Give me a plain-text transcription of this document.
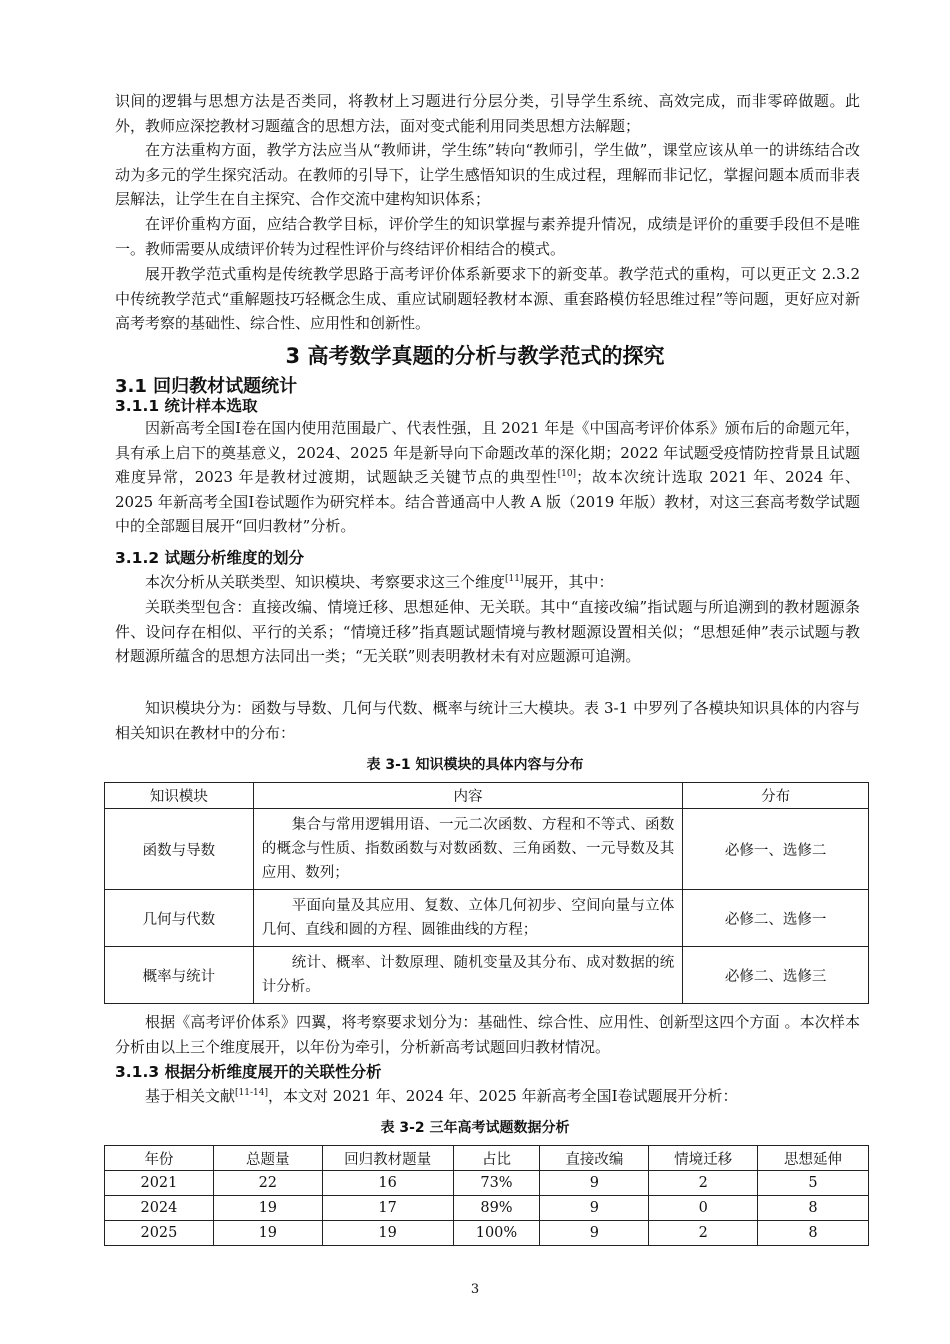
识间的逻辑与思想方法是否类同，将教材上习题进行分层分类，引导学生系统、高效完成，而非零碎做题。此外，教师应深挖教材习题蕴含的思想方法，面对变式能利用同类思想方法解题；
在方法重构方面，教学方法应当从“教师讲，学生练”转向“教师引，学生做”，课堂应该从单一的讲练结合改动为多元的学生探究活动。在教师的引导下，让学生感悟知识的生成过程，理解而非记忆，掌握问题本质而非表层解法，让学生在自主探究、合作交流中建构知识体系；
在评价重构方面，应结合教学目标，评价学生的知识掌握与素养提升情况，成绩是评价的重要手段但不是唯一。教师需要从成绩评价转为过程性评价与终结评价相结合的模式。
展开教学范式重构是传统教学思路于高考评价体系新要求下的新变革。教学范式的重构，可以更正文 2.3.2 中传统教学范式“重解题技巧轻概念生成、重应试刷题轻教材本源、重套路模仿轻思维过程”等问题，更好应对新高考考察的基础性、综合性、应用性和创新性。
3 高考数学真题的分析与教学范式的探究
3.1 回归教材试题统计
3.1.1 统计样本选取
因新高考全国Ⅰ卷在国内使用范围最广、代表性强，且 2021 年是《中国高考评价体系》颁布后的命题元年，具有承上启下的奠基意义，2024、2025 年是新导向下命题改革的深化期；2022 年试题受疫情防控背景且试题难度异常，2023 年是教材过渡期，试题缺乏关键节点的典型性[10]；故本次统计选取 2021 年、2024 年、2025 年新高考全国Ⅰ卷试题作为研究样本。结合普通高中人教 A 版（2019 年版）教材，对这三套高考数学试题中的全部题目展开“回归教材”分析。
3.1.2 试题分析维度的划分
本次分析从关联类型、知识模块、考察要求这三个维度[11]展开，其中：
关联类型包含：直接改编、情境迁移、思想延伸、无关联。其中“直接改编”指试题与所追溯到的教材题源条件、设问存在相似、平行的关系；“情境迁移”指真题试题情境与教材题源设置相关似；“思想延伸”表示试题与教材题源所蕴含的思想方法同出一类；“无关联”则表明教材未有对应题源可追溯。
知识模块分为：函数与导数、几何与代数、概率与统计三大模块。表 3-1 中罗列了各模块知识具体的内容与相关知识在教材中的分布：
表 3-1 知识模块的具体内容与分布
知识模块	内容	分布
函数与导数	集合与常用逻辑用语、一元二次函数、方程和不等式、函数的概念与性质、指数函数与对数函数、三角函数、一元导数及其应用、数列；	必修一、选修二
几何与代数	平面向量及其应用、复数、立体几何初步、空间向量与立体几何、直线和圆的方程、圆锥曲线的方程；	必修二、选修一
概率与统计	统计、概率、计数原理、随机变量及其分布、成对数据的统计分析。	必修二、选修三
根据《高考评价体系》四翼，将考察要求划分为：基础性、综合性、应用性、创新型这四个方面 。本次样本分析由以上三个维度展开，以年份为牵引，分析新高考试题回归教材情况。
3.1.3 根据分析维度展开的关联性分析
基于相关文献[11-14]，本文对 2021 年、2024 年、2025 年新高考全国Ⅰ卷试题展开分析：
表 3-2 三年高考试题数据分析
年份	总题量	回归教材题量	占比	直接改编	情境迁移	思想延伸
2021	22	16	73%	9	2	5
2024	19	17	89%	9	0	8
2025	19	19	100%	9	2	8
3
